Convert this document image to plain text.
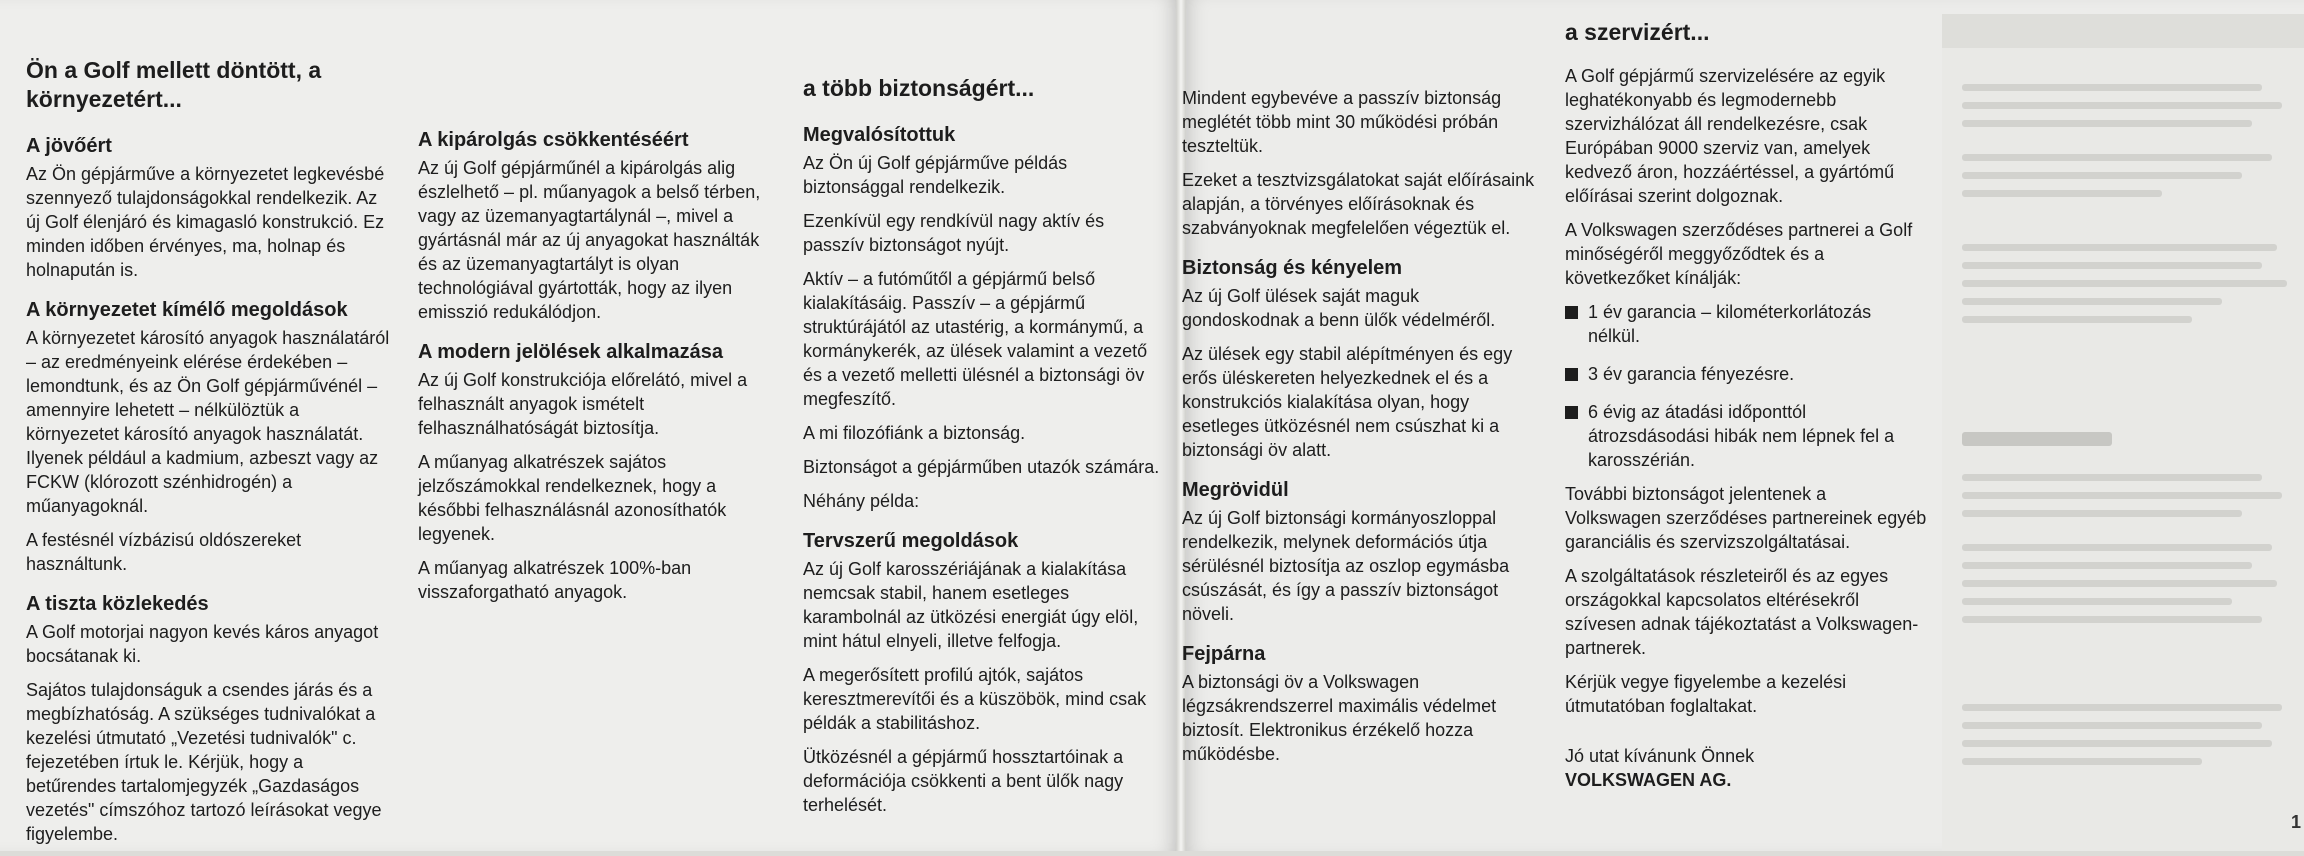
Ön a Golf mellett döntött, a környezetért...
A jövőért

Az Ön gépjárműve a környezetet legkevésbé szennyező tulajdonságokkal rendelkezik. Az új Golf élenjáró és kimagasló konstrukció. Ez minden időben érvényes, ma, holnap és holnapután is.

A környezetet kímélő megoldások

A környezetet károsító anyagok használatáról – az eredményeink elérése érdekében – lemondtunk, és az Ön Golf gépjárművénél – amennyire lehetett – nélkülöztük a környezetet károsító anyagok használatát. Ilyenek például a kadmium, azbeszt vagy az FCKW (klórozott szénhidrogén) a műanyagoknál.

A festésnél vízbázisú oldószereket használtunk.

A tiszta közlekedés

A Golf motorjai nagyon kevés káros anyagot bocsátanak ki.

Sajátos tulajdonságuk a csendes járás és a megbízhatóság. A szükséges tudnivalókat a kezelési útmutató „Vezetési tudnivalók" c. fejezetében írtuk le. Kérjük, hogy a betűrendes tartalomjegyzék „Gazdaságos vezetés" címszóhoz tartozó leírásokat vegye figyelembe.

A kipárolgás csökkentéséért

Az új Golf gépjárműnél a kipárolgás alig észlelhető – pl. műanyagok a belső térben, vagy az üzemanyagtartálynál –, mivel a gyártásnál már az új anyagokat használták és az üzemanyagtartályt is olyan technológiával gyártották, hogy az ilyen emisszió redukálódjon.

A modern jelölések alkalmazása

Az új Golf konstrukciója előrelátó, mivel a felhasznált anyagok ismételt felhasználhatóságát biztosítja.

A műanyag alkatrészek sajátos jelzőszámokkal rendelkeznek, hogy a későbbi felhasználásnál azonosíthatók legyenek.

A műanyag alkatrészek 100%-ban visszaforgatható anyagok.

a több biztonságért...
Megvalósítottuk

Az Ön új Golf gépjárműve példás biztonsággal rendelkezik.

Ezenkívül egy rendkívül nagy aktív és passzív biztonságot nyújt.

Aktív – a futóműtől a gépjármű belső kialakításáig. Passzív – a gépjármű struktúrájától az utastérig, a kormánymű, a kormánykerék, az ülések valamint a vezető és a vezető melletti ülésnél a biztonsági öv megfeszítő.

A mi filozófiánk a biztonság.

Biztonságot a gépjárműben utazók számára.

Néhány példa:

Tervszerű megoldások

Az új Golf karosszériájának a kialakítása nemcsak stabil, hanem esetleges karambolnál az ütközési energiát úgy elöl, mint hátul elnyeli, illetve felfogja.

A megerősített profilú ajtók, sajátos keresztmerevítői és a küszöbök, mind csak példák a stabilitáshoz.

Ütközésnél a gépjármű hossztartóinak a deformációja csökkenti a bent ülők nagy terhelését.

Mindent egybevéve a passzív biztonság meglétét több mint 30 működési próbán teszteltük.

Ezeket a tesztvizsgálatokat saját előírásaink alapján, a törvényes előírásoknak és szabványoknak megfelelően végeztük el.

Biztonság és kényelem

Az új Golf ülések saját maguk gondoskodnak a benn ülők védelméről.

Az ülések egy stabil alépítményen és egy erős üléskereten helyezkednek el és a konstrukciós kialakítása olyan, hogy esetleges ütközésnél nem csúszhat ki a biztonsági öv alatt.

Megrövidül

Az új Golf biztonsági kormányoszloppal rendelkezik, melynek deformációs útja sérülésnél biztosítja az oszlop egymásba csúszását, és így a passzív biztonságot növeli.

Fejpárna

A biztonsági öv a Volkswagen légzsákrendszerrel maximális védelmet biztosít. Elektronikus érzékelő hozza működésbe.

a szervizért...

A Golf gépjármű szervizelésére az egyik leghatékonyabb és legmodernebb szervizhálózat áll rendelkezésre, csak Európában 9000 szerviz van, amelyek kedvező áron, hozzáértéssel, a gyártómű előírásai szerint dolgoznak.

A Volkswagen szerződéses partnerei a Golf minőségéről meggyőződtek és a következőket kínálják:

1 év garancia – kilométerkorlátozás nélkül.
3 év garancia fényezésre.
6 évig az átadási időponttól átrozsdásodási hibák nem lépnek fel a karosszérián.

További biztonságot jelentenek a Volkswagen szerződéses partnereinek egyéb garanciális és szervizszolgáltatásai.

A szolgáltatások részleteiről és az egyes országokkal kapcsolatos eltérésekről szívesen adnak tájékoztatást a Volkswagen-partnerek.

Kérjük vegye figyelembe a kezelési útmutatóban foglaltakat.

Jó utat kívánunk Önnek

VOLKSWAGEN AG.

1
